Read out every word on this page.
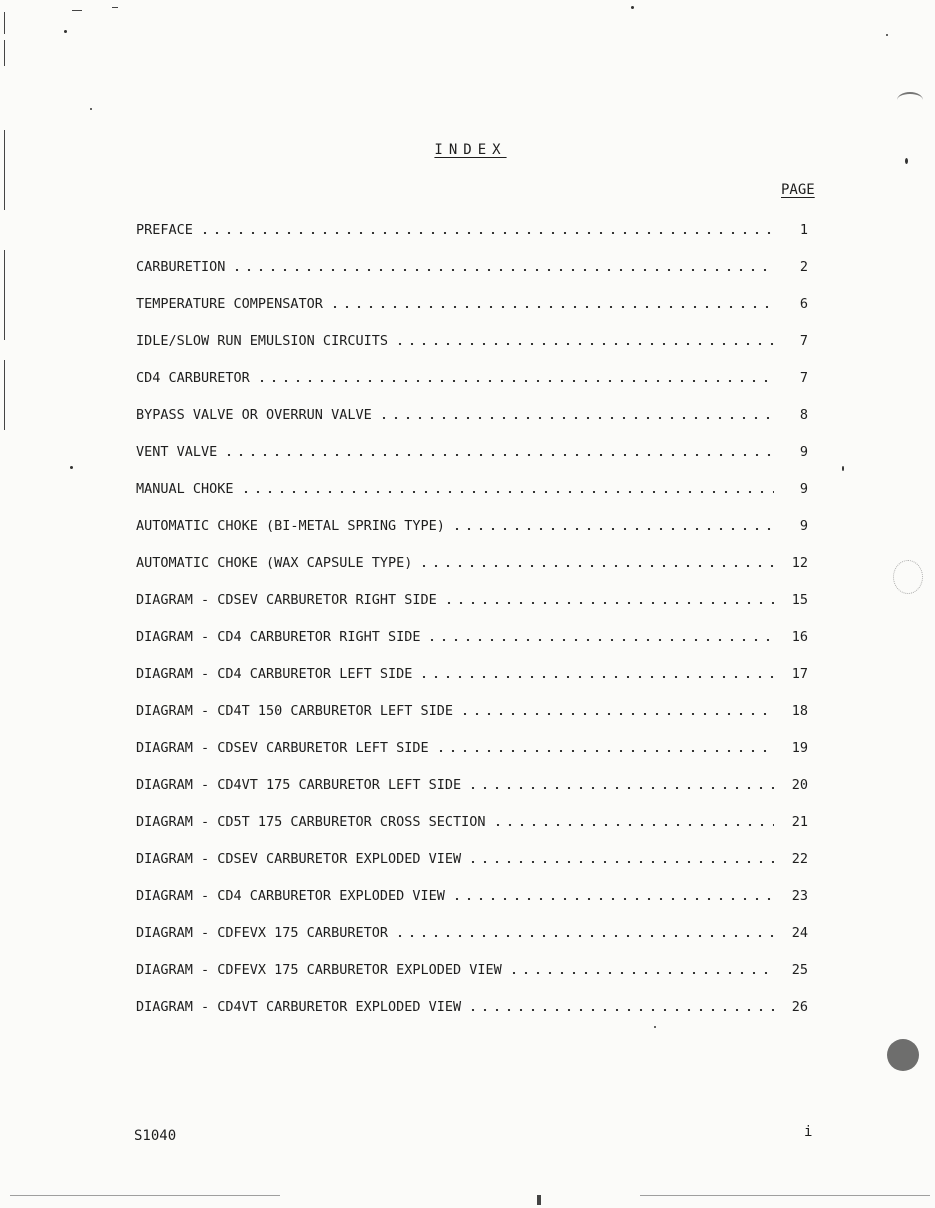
INDEX
PAGE
PREFACE	1
CARBURETION	2
TEMPERATURE COMPENSATOR	6
IDLE/SLOW RUN EMULSION CIRCUITS	7
CD4 CARBURETOR	7
BYPASS VALVE OR OVERRUN VALVE	8
VENT VALVE	9
MANUAL CHOKE	9
AUTOMATIC CHOKE (BI-METAL SPRING TYPE)	9
AUTOMATIC CHOKE (WAX CAPSULE TYPE)	12
DIAGRAM - CDSEV CARBURETOR RIGHT SIDE	15
DIAGRAM - CD4 CARBURETOR RIGHT SIDE	16
DIAGRAM - CD4 CARBURETOR LEFT SIDE	17
DIAGRAM - CD4T 150 CARBURETOR LEFT SIDE	18
DIAGRAM - CDSEV CARBURETOR LEFT SIDE	19
DIAGRAM - CD4VT 175 CARBURETOR LEFT SIDE	20
DIAGRAM - CD5T 175 CARBURETOR CROSS SECTION	21
DIAGRAM - CDSEV CARBURETOR EXPLODED VIEW	22
DIAGRAM - CD4 CARBURETOR EXPLODED VIEW	23
DIAGRAM - CDFEVX 175 CARBURETOR	24
DIAGRAM - CDFEVX 175 CARBURETOR EXPLODED VIEW	25
DIAGRAM - CD4VT CARBURETOR EXPLODED VIEW	26
S1040	i
